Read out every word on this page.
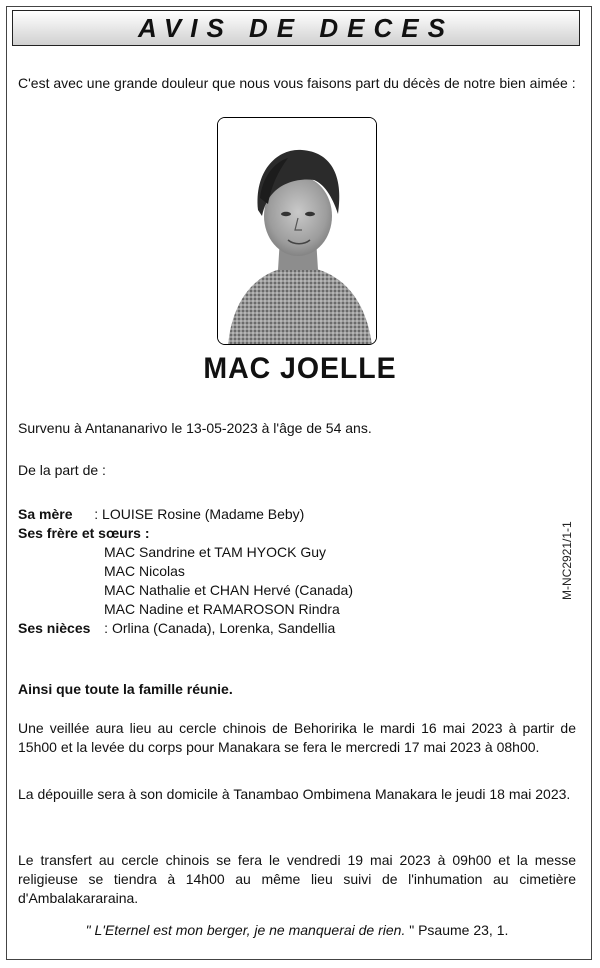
AVIS DE DECES

C'est avec une grande douleur que nous vous faisons part du décès de notre bien aimée :

MAC JOELLE

Survenu à Antananarivo le 13-05-2023 à l'âge de 54 ans.

De la part de :

Sa mère : LOUISE Rosine (Madame Beby)
Ses frère et sœurs :
MAC Sandrine et TAM HYOCK Guy
MAC Nicolas
MAC Nathalie et CHAN Hervé (Canada)
MAC Nadine et RAMAROSON Rindra
Ses nièces : Orlina (Canada), Lorenka, Sandellia

Ainsi que toute la famille réunie.

Une veillée aura lieu au cercle chinois de Behoririka le mardi 16 mai 2023 à partir de 15h00 et la levée du corps pour Manakara se fera le mercredi 17 mai 2023 à 08h00.

La dépouille sera à son domicile à Tanambao Ombimena Manakara le jeudi 18 mai 2023.

Le transfert au cercle chinois se fera le vendredi 19 mai 2023 à 09h00 et la messe religieuse se tiendra à 14h00 au même lieu suivi de l'inhumation au cimetière d'Ambalakararaina.

" L'Eternel est mon berger, je ne manquerai de rien. " Psaume 23, 1.

M-NC2921/1-1
